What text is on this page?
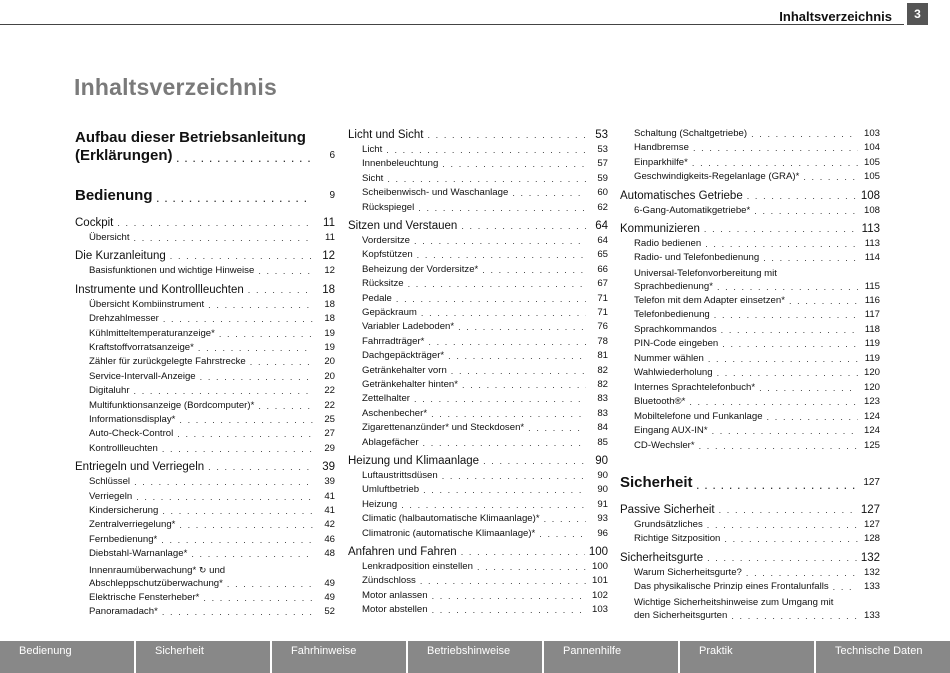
Inhaltsverzeichnis	3
Inhaltsverzeichnis
Aufbau dieser Betriebsanleitung
(Erklärungen) . . .	6
Bedienung . . .	9
Cockpit . . .	11
Übersicht . . .	11
Die Kurzanleitung . . .	12
Basisfunktionen und wichtige Hinweise . . .	12
Instrumente und Kontrollleuchten . . .	18
Übersicht Kombiinstrument . . .	18
Drehzahlmesser . . .	18
Kühlmitteltemperaturanzeige* . . .	19
Kraftstoffvorratsanzeige* . . .	19
Zähler für zurückgelegte Fahrstrecke . . .	20
Service-Intervall-Anzeige . . .	20
Digitaluhr . . .	22
Multifunktionsanzeige (Bordcomputer)* . . .	22
Informationsdisplay* . . .	25
Auto-Check-Control . . .	27
Kontrollleuchten . . .	29
Entriegeln und Verriegeln . . .	39
Schlüssel . . .	39
Verriegeln . . .	41
Kindersicherung . . .	41
Zentralverriegelung* . . .	42
Fernbedienung* . . .	46
Diebstahl-Warnanlage* . . .	48
Innenraumüberwachung* ↻ und
Abschleppschutzüberwachung* . . .	49
Elektrische Fensterheber* . . .	49
Panoramadach* . . .	52
Licht und Sicht . . .	53
Licht . . .	53
Innenbeleuchtung . . .	57
Sicht . . .	59
Scheibenwisch- und Waschanlage . . .	60
Rückspiegel . . .	62
Sitzen und Verstauen . . .	64
Vordersitze . . .	64
Kopfstützen . . .	65
Beheizung der Vordersitze* . . .	66
Rücksitze . . .	67
Pedale . . .	71
Gepäckraum . . .	71
Variabler Ladeboden* . . .	76
Fahrradträger* . . .	78
Dachgepäckträger* . . .	81
Getränkehalter vorn . . .	82
Getränkehalter hinten* . . .	82
Zettelhalter . . .	83
Aschenbecher* . . .	83
Zigarettenanzünder* und Steckdosen* . . .	84
Ablagefächer . . .	85
Heizung und Klimaanlage . . .	90
Luftaustrittsdüsen . . .	90
Umluftbetrieb . . .	90
Heizung . . .	91
Climatic (halbautomatische Klimaanlage)* . . .	93
Climatronic (automatische Klimaanlage)* . . .	96
Anfahren und Fahren . . .	100
Lenkradposition einstellen . . .	100
Zündschloss . . .	101
Motor anlassen . . .	102
Motor abstellen . . .	103
Schaltung (Schaltgetriebe) . . .	103
Handbremse . . .	104
Einparkhilfe* . . .	105
Geschwindigkeits-Regelanlage (GRA)* . . .	105
Automatisches Getriebe . . .	108
6-Gang-Automatikgetriebe* . . .	108
Kommunizieren . . .	113
Radio bedienen . . .	113
Radio- und Telefonbedienung . . .	114
Universal-Telefonvorbereitung mit
Sprachbedienung* . . .	115
Telefon mit dem Adapter einsetzen* . . .	116
Telefonbedienung . . .	117
Sprachkommandos . . .	118
PIN-Code eingeben . . .	119
Nummer wählen . . .	119
Wahlwiederholung . . .	120
Internes Sprachtelefonbuch* . . .	120
Bluetooth®* . . .	123
Mobiltelefone und Funkanlage . . .	124
Eingang AUX-IN* . . .	124
CD-Wechsler* . . .	125
Sicherheit . . .	127
Passive Sicherheit . . .	127
Grundsätzliches . . .	127
Richtige Sitzposition . . .	128
Sicherheitsgurte . . .	132
Warum Sicherheitsgurte? . . .	132
Das physikalische Prinzip eines Frontalunfalls . . .	133
Wichtige Sicherheitshinweise zum Umgang mit
den Sicherheitsgurten . . .	133
Bedienung	Sicherheit	Fahrhinweise	Betriebshinweise	Pannenhilfe	Praktik	Technische Daten
